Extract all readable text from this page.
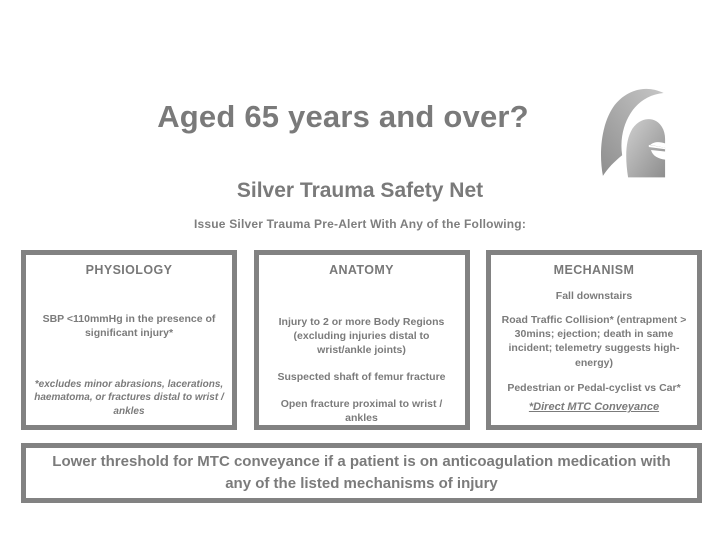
Aged 65 years and over?
Silver Trauma Safety Net
Issue Silver Trauma Pre-Alert With Any of the Following:
PHYSIOLOGY
SBP <110mmHg in the presence of significant injury*
*excludes minor abrasions, lacerations, haematoma, or fractures distal to wrist / ankles
ANATOMY
Injury to 2 or more Body Regions (excluding injuries distal to wrist/ankle joints)
Suspected shaft of femur fracture
Open fracture proximal to wrist / ankles
MECHANISM
Fall downstairs
Road Traffic Collision* (entrapment > 30mins; ejection; death in same incident; telemetry suggests high-energy)
Pedestrian or Pedal-cyclist vs Car*
*Direct MTC Conveyance
Lower threshold for MTC conveyance if a patient is on anticoagulation medication with
any of the listed mechanisms of injury
